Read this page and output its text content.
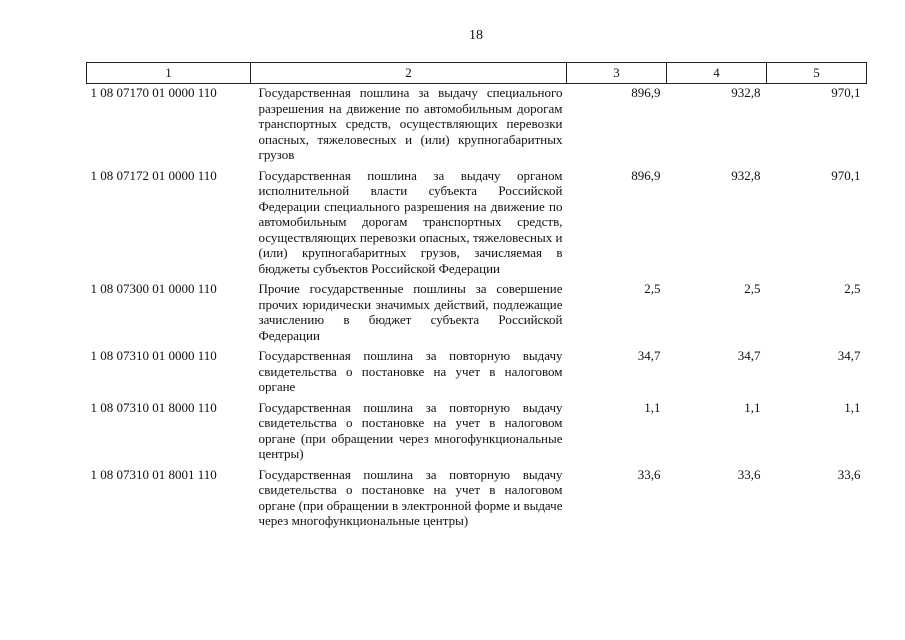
18
1	2	3	4	5
1 08 07170 01 0000 110	Государственная пошлина за выдачу специального разрешения на движение по автомобильным дорогам транспортных средств, осуществляющих перевозки опасных, тяжеловесных и (или) крупногабаритных грузов	896,9	932,8	970,1
1 08 07172 01 0000 110	Государственная пошлина за выдачу органом исполнительной власти субъекта Российской Федерации специального разрешения на движение по автомобильным дорогам транспортных средств, осуществляющих перевозки опасных, тяжеловесных и (или) крупногабаритных грузов, зачисляемая в бюджеты субъектов Российской Федерации	896,9	932,8	970,1
1 08 07300 01 0000 110	Прочие государственные пошлины за совершение прочих юридически значимых действий, подлежащие зачислению в бюджет субъекта Российской Федерации	2,5	2,5	2,5
1 08 07310 01 0000 110	Государственная пошлина за повторную выдачу свидетельства о постановке на учет в налоговом органе	34,7	34,7	34,7
1 08 07310 01 8000 110	Государственная пошлина за повторную выдачу свидетельства о постановке на учет в налоговом органе (при обращении через многофункциональные центры)	1,1	1,1	1,1
1 08 07310 01 8001 110	Государственная пошлина за повторную выдачу свидетельства о постановке на учет в налоговом органе (при обращении в электронной форме и выдаче через многофункциональные центры)	33,6	33,6	33,6
